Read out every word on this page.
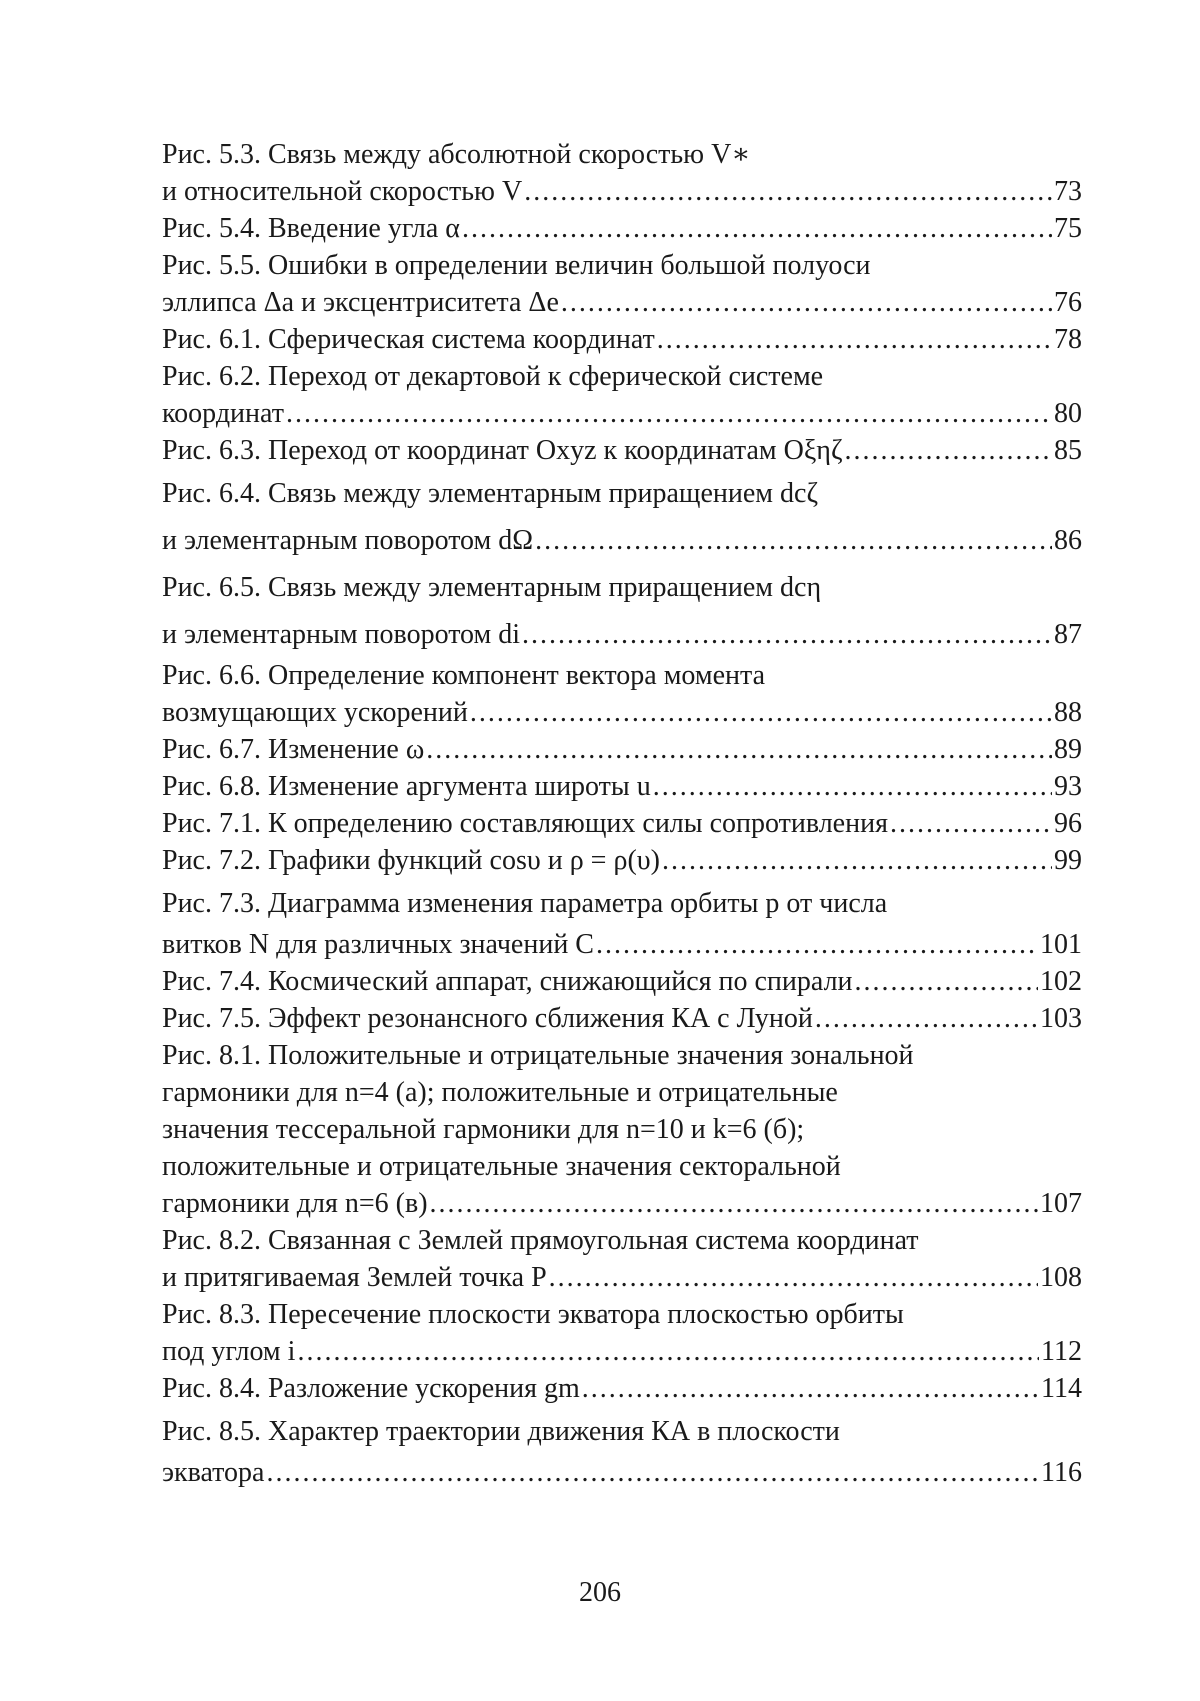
Рис. 5.3. Связь между абсолютной скоростью V∗
и относительной скоростью V .....	73
Рис. 5.4. Введение угла α .....	75
Рис. 5.5. Ошибки в определении величин большой полуоси
эллипса Δa и эксцентриситета Δe .....	76
Рис. 6.1. Сферическая система координат .....	78
Рис. 6.2. Переход от декартовой к сферической системе
координат .....	80
Рис. 6.3. Переход от координат Oxyz к координатам Oξηζ .....	85
Рис. 6.4. Связь между элементарным приращением dcζ
и элементарным поворотом dΩ .....	86
Рис. 6.5. Связь между элементарным приращением dcη
и элементарным поворотом di .....	87
Рис. 6.6. Определение компонент вектора момента
возмущающих ускорений .....	88
Рис. 6.7. Изменение ω .....	89
Рис. 6.8. Изменение аргумента широты u .....	93
Рис. 7.1. К определению составляющих силы сопротивления .....	96
Рис. 7.2. Графики функций cosυ и ρ = ρ(υ) .....	99
Рис. 7.3. Диаграмма изменения параметра орбиты p от числа
витков N для различных значений C .....	101
Рис. 7.4. Космический аппарат, снижающийся по спирали .....	102
Рис. 7.5. Эффект резонансного сближения КА с Луной .....	103
Рис. 8.1. Положительные и отрицательные значения зональной
гармоники для n=4 (а); положительные и отрицательные
значения тессеральной гармоники для n=10 и k=6 (б);
положительные и отрицательные значения секторальной
гармоники для n=6 (в) .....	107
Рис. 8.2. Связанная с Землей прямоугольная система координат
и притягиваемая Землей точка P .....	108
Рис. 8.3. Пересечение плоскости экватора плоскостью орбиты
под углом i .....	112
Рис. 8.4. Разложение ускорения gm .....	114
Рис. 8.5. Характер траектории движения КА в плоскости
экватора .....	116
206
